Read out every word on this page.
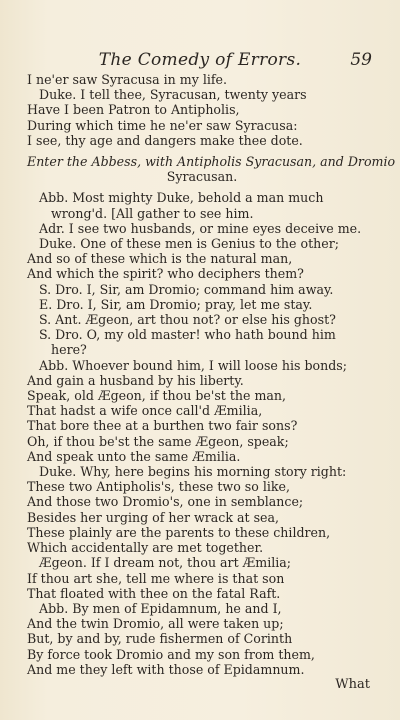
The Comedy of Errors.	59
I ne'er saw Syracusa in my life.
Duke. I tell thee, Syracusan, twenty years
Have I been Patron to Antipholis,
During which time he ne'er saw Syracusa:
I see, thy age and dangers make thee dote.
Enter the Abbess, with Antipholis Syracusan, and Dromio
Syracusan.
Abb. Most mighty Duke, behold a man much
wrong'd. [All gather to see him.
Adr. I see two husbands, or mine eyes deceive me.
Duke. One of these men is Genius to the other;
And so of these which is the natural man,
And which the spirit? who deciphers them?
S. Dro. I, Sir, am Dromio; command him away.
E. Dro. I, Sir, am Dromio; pray, let me stay.
S. Ant. Ægeon, art thou not? or else his ghost?
S. Dro. O, my old master! who hath bound him
here?
Abb. Whoever bound him, I will loose his bonds;
And gain a husband by his liberty.
Speak, old Ægeon, if thou be'st the man,
That hadst a wife once call'd Æmilia,
That bore thee at a burthen two fair sons?
Oh, if thou be'st the same Ægeon, speak;
And speak unto the same Æmilia.
Duke. Why, here begins his morning story right:
These two Antipholis's, these two so like,
And those two Dromio's, one in semblance;
Besides her urging of her wrack at sea,
These plainly are the parents to these children,
Which accidentally are met together.
Ægeon. If I dream not, thou art Æmilia;
If thou art she, tell me where is that son
That floated with thee on the fatal Raft.
Abb. By men of Epidamnum, he and I,
And the twin Dromio, all were taken up;
But, by and by, rude fishermen of Corinth
By force took Dromio and my son from them,
And me they left with those of Epidamnum.
What
